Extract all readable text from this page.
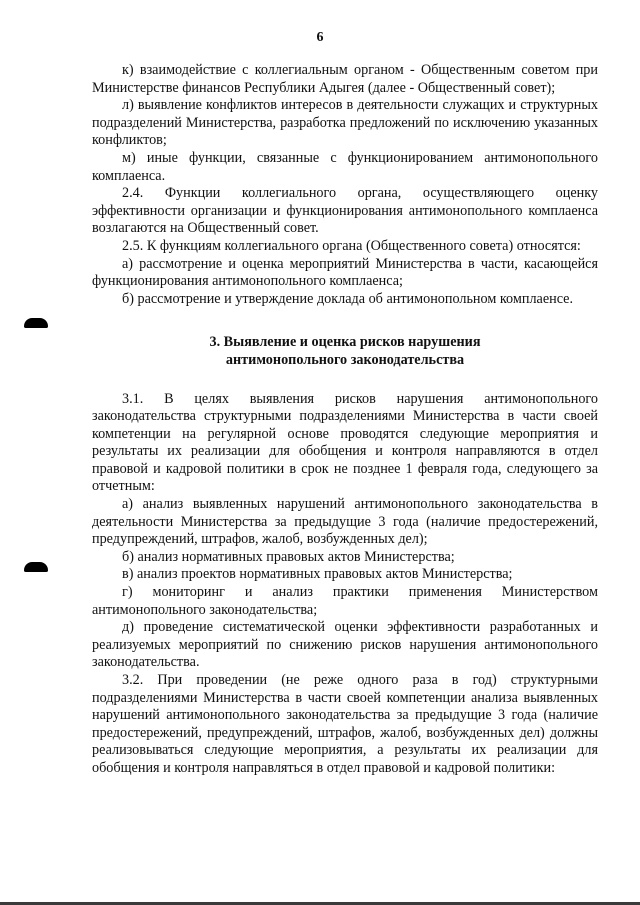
6

к) взаимодействие с коллегиальным органом - Общественным советом при Министерстве финансов Республики Адыгея (далее - Общественный совет);

л) выявление конфликтов интересов в деятельности служащих и структурных подразделений Министерства, разработка предложений по исключению указанных конфликтов;

м) иные функции, связанные с функционированием антимонопольного комплаенса.

2.4. Функции коллегиального органа, осуществляющего оценку эффективности организации и функционирования антимонопольного комплаенса возлагаются на Общественный совет.

2.5. К функциям коллегиального органа (Общественного совета) относятся:

а) рассмотрение и оценка мероприятий Министерства в части, касающейся функционирования антимонопольного комплаенса;

б) рассмотрение и утверждение доклада об антимонопольном комплаенсе.

3. Выявление и оценка рисков нарушения

антимонопольного законодательства

3.1. В целях выявления рисков нарушения антимонопольного законодательства структурными подразделениями Министерства в части своей компетенции на регулярной основе проводятся следующие мероприятия и результаты их реализации для обобщения и контроля направляются в отдел правовой и кадровой политики в срок не позднее 1 февраля года, следующего за отчетным:

а) анализ выявленных нарушений антимонопольного законодательства в деятельности Министерства за предыдущие 3 года (наличие предостережений, предупреждений, штрафов, жалоб, возбужденных дел);

б) анализ нормативных правовых актов Министерства;

в) анализ проектов нормативных правовых актов Министерства;

г) мониторинг и анализ практики применения Министерством антимонопольного законодательства;

д) проведение систематической оценки эффективности разработанных и реализуемых мероприятий по снижению рисков нарушения антимонопольного законодательства.

3.2. При проведении (не реже одного раза в год) структурными подразделениями Министерства в части своей компетенции анализа выявленных нарушений антимонопольного законодательства за предыдущие 3 года (наличие предостережений, предупреждений, штрафов, жалоб, возбужденных дел) должны реализовываться следующие мероприятия, а результаты их реализации для обобщения и контроля направляться в отдел правовой и кадровой политики:
